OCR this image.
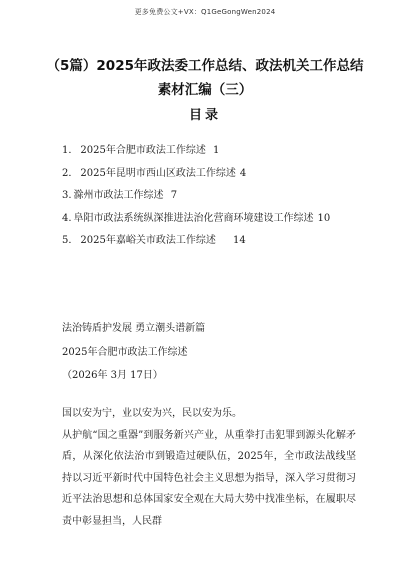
更多免费公文+VX：Q1GeGongWen2024
（5篇）2025年政法委工作总结、政法机关工作总结
素材汇编（三）
目录
1． 2025年合肥市政法工作综述 1
2． 2025年昆明市西山区政法工作综述 4
3. 滁州市政法工作综述 7
4. 阜阳市政法系统纵深推进法治化营商环境建设工作综述 10
5． 2025年嘉峪关市政法工作综述 14
法治铸盾护发展 勇立潮头谱新篇
2025年合肥市政法工作综述
（2026年 3月 17日）

国以安为宁，业以安为兴，民以安为乐。

从护航“国之重器”到服务新兴产业，从重拳打击犯罪到源头化解矛盾，从深化依法治市到锻造过硬队伍，2025年，全市政法战线坚持以习近平新时代中国特色社会主义思想为指导，深入学习贯彻习近平法治思想和总体国家安全观在大局大势中找准坐标，在履职尽责中彰显担当，人民群
